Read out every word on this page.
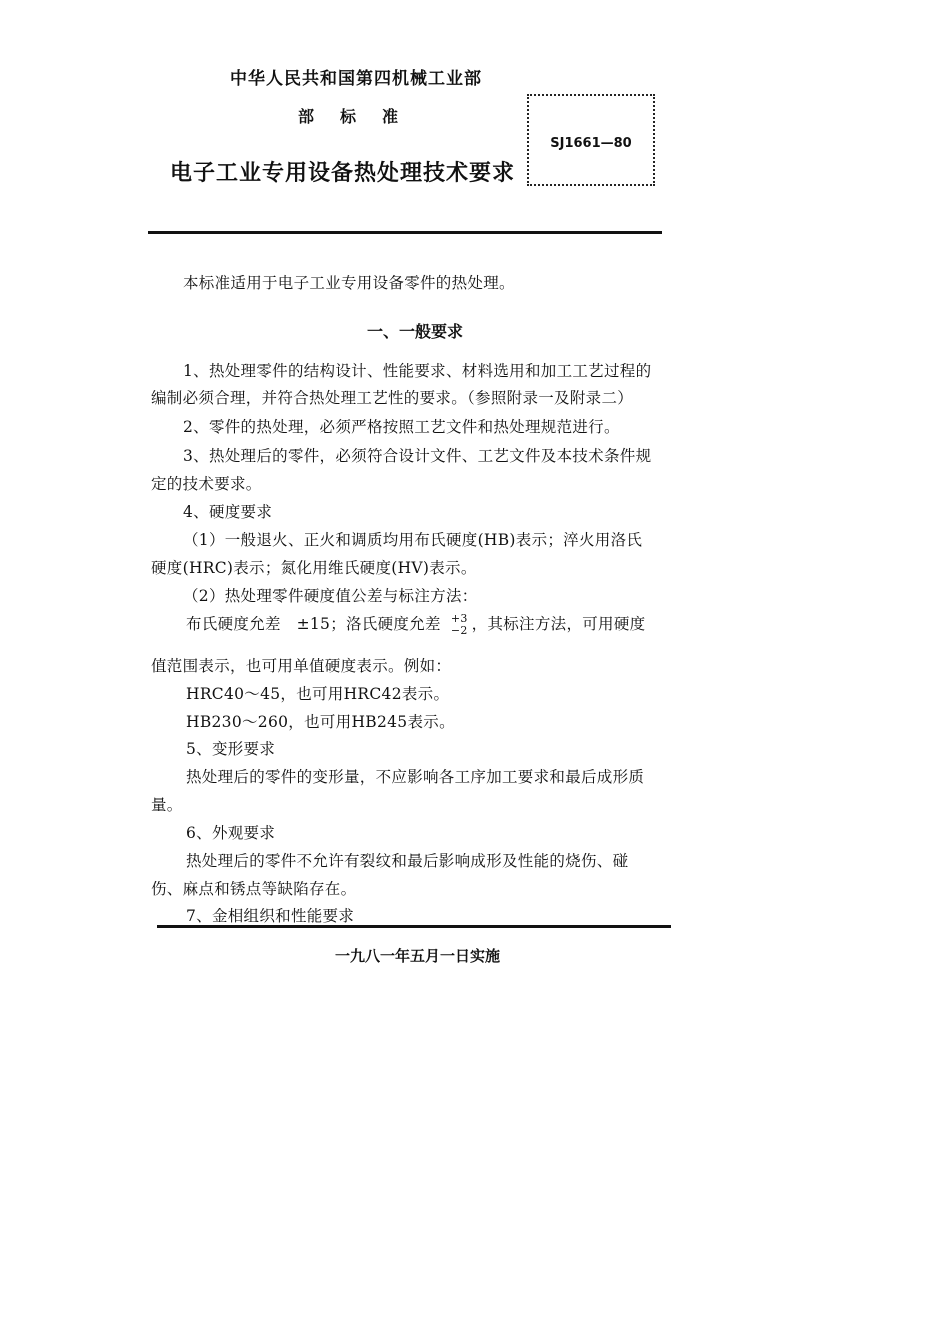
中华人民共和国第四机械工业部

部标准

电子工业专用设备热处理技术要求
SJ1661—80

本标准适用于电子工业专用设备零件的热处理。

一、一般要求

1、热处理零件的结构设计、性能要求、材料选用和加工工艺过程的

编制必须合理，并符合热处理工艺性的要求。（参照附录一及附录二）

2、零件的热处理，必须严格按照工艺文件和热处理规范进行。

3、热处理后的零件，必须符合设计文件、工艺文件及本技术条件规

定的技术要求。

4、硬度要求

（1）一般退火、正火和调质均用布氏硬度(HB)表示；淬火用洛氏

硬度(HRC)表示；氮化用维氏硬度(HV)表示。

（2）热处理零件硬度值公差与标注方法：

布氏硬度允差　±15；洛氏硬度允差 +3
−2 ，其标注方法，可用硬度

值范围表示，也可用单值硬度表示。例如：

HRC40～45，也可用HRC42表示。

HB230～260，也可用HB245表示。

5、变形要求

热处理后的零件的变形量，不应影响各工序加工要求和最后成形质

量。

6、外观要求

热处理后的零件不允许有裂纹和最后影响成形及性能的烧伤、碰

伤、麻点和锈点等缺陷存在。

7、金相组织和性能要求

一九八一年五月一日实施
